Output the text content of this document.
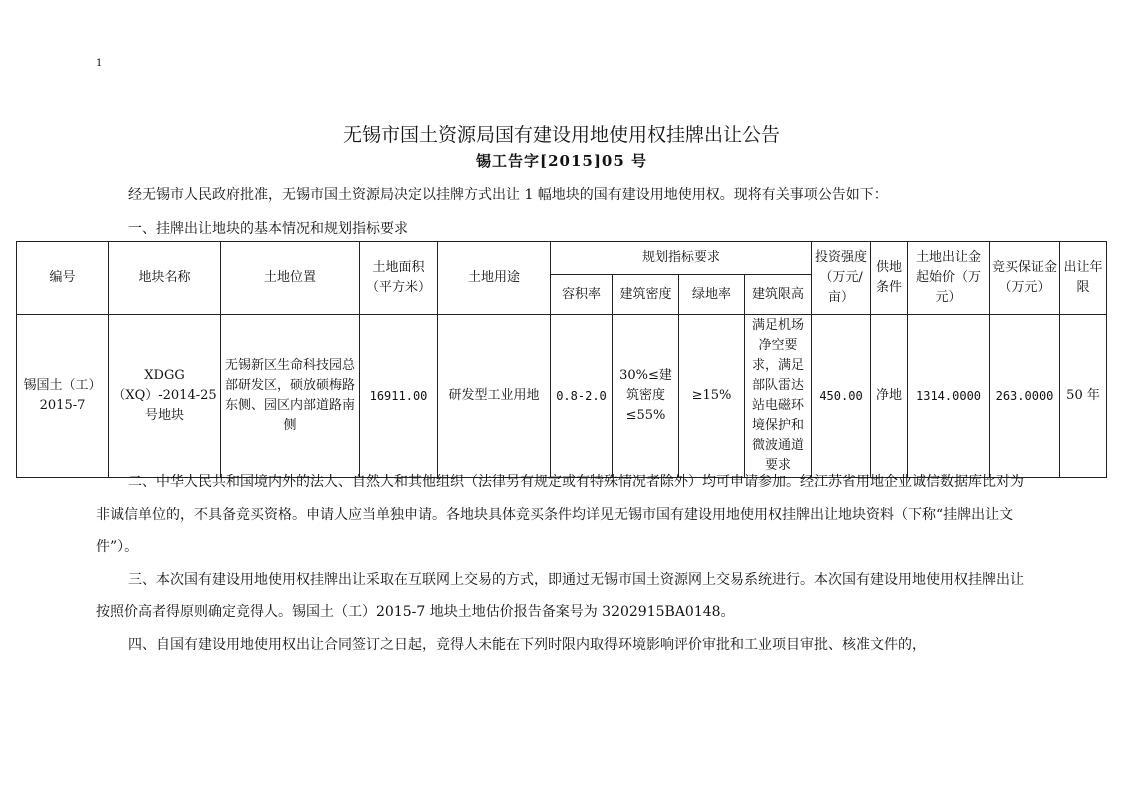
1
无锡市国土资源局国有建设用地使用权挂牌出让公告
锡工告字[2015]05 号

经无锡市人民政府批准，无锡市国土资源局决定以挂牌方式出让 1 幅地块的国有建设用地使用权。现将有关事项公告如下：

一、挂牌出让地块的基本情况和规划指标要求

编号	地块名称	土地位置	土地面积（平方米）	土地用途	规划指标要求				投资强度（万元/亩）	供地条件	土地出让金起始价（万元）	竞买保证金（万元）	出让年限
					容积率	建筑密度	绿地率	建筑限高					
锡国土（工）2015-7	XDGG（XQ）-2014-25 号地块	无锡新区生命科技园总部研发区，硕放硕梅路东侧、园区内部道路南侧	16911.00	研发型工业用地	0.8-2.0	30%≤建筑密度≤55%	≥15%	满足机场净空要求，满足部队雷达站电磁环境保护和微波通道要求	450.00	净地	1314.0000	263.0000	50 年

二、中华人民共和国境内外的法人、自然人和其他组织（法律另有规定或有特殊情况者除外）均可申请参加。经江苏省用地企业诚信数据库比对为非诚信单位的，不具备竞买资格。申请人应当单独申请。各地块具体竞买条件均详见无锡市国有建设用地使用权挂牌出让地块资料（下称“挂牌出让文件”）。

三、本次国有建设用地使用权挂牌出让采取在互联网上交易的方式，即通过无锡市国土资源网上交易系统进行。本次国有建设用地使用权挂牌出让按照价高者得原则确定竞得人。锡国土（工）2015-7 地块土地估价报告备案号为 3202915BA0148。

四、自国有建设用地使用权出让合同签订之日起，竞得人未能在下列时限内取得环境影响评价审批和工业项目审批、核准文件的，
